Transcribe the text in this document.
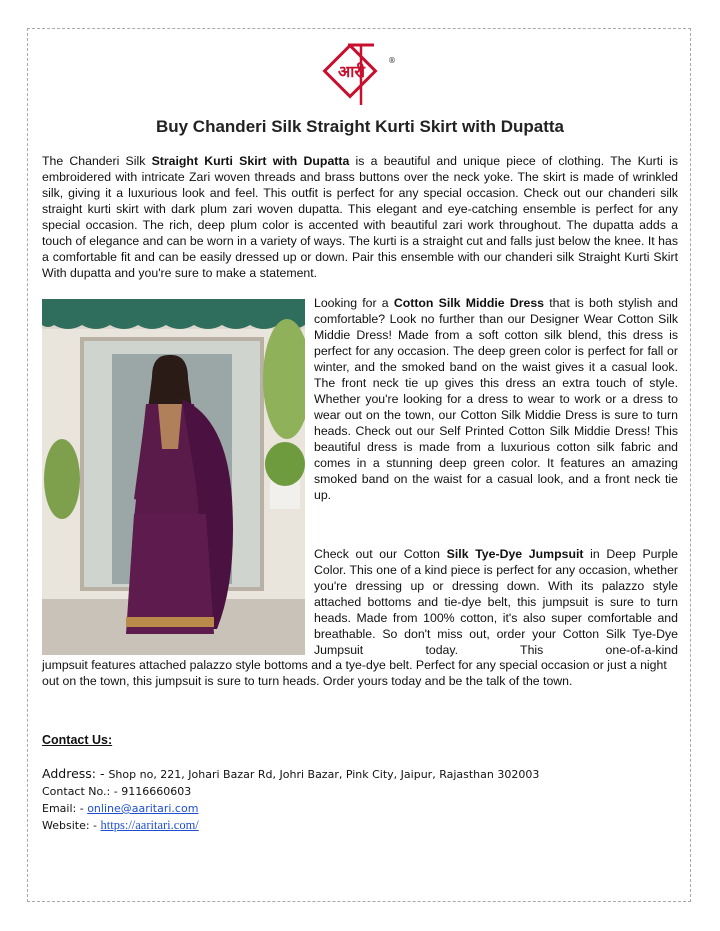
आरी
®
Buy Chanderi Silk Straight Kurti Skirt with Dupatta

The Chanderi Silk Straight Kurti Skirt with Dupatta is a beautiful and unique piece of clothing. The Kurti is embroidered with intricate Zari woven threads and brass buttons over the neck yoke. The skirt is made of wrinkled silk, giving it a luxurious look and feel. This outfit is perfect for any special occasion. Check out our chanderi silk straight kurti skirt with dark plum zari woven dupatta. This elegant and eye-catching ensemble is perfect for any special occasion. The rich, deep plum color is accented with beautiful zari work throughout. The dupatta adds a touch of elegance and can be worn in a variety of ways. The kurti is a straight cut and falls just below the knee. It has a comfortable fit and can be easily dressed up or down. Pair this ensemble with our chanderi silk Straight Kurti Skirt With dupatta and you're sure to make a statement.

Looking for a Cotton Silk Middie Dress that is both stylish and comfortable? Look no further than our Designer Wear Cotton Silk Middie Dress! Made from a soft cotton silk blend, this dress is perfect for any occasion. The deep green color is perfect for fall or winter, and the smoked band on the waist gives it a casual look. The front neck tie up gives this dress an extra touch of style. Whether you're looking for a dress to wear to work or a dress to wear out on the town, our Cotton Silk Middie Dress is sure to turn heads. Check out our Self Printed Cotton Silk Middie Dress! This beautiful dress is made from a luxurious cotton silk fabric and comes in a stunning deep green color. It features an amazing smoked band on the waist for a casual look, and a front neck tie up.

Check out our Cotton Silk Tye-Dye Jumpsuit in Deep Purple Color. This one of a kind piece is perfect for any occasion, whether you're dressing up or dressing down. With its palazzo style attached bottoms and tie-dye belt, this jumpsuit is sure to turn heads. Made from 100% cotton, it's also super comfortable and breathable. So don't miss out, order your Cotton Silk Tye-Dye Jumpsuit today. This one-of-a-kind

jumpsuit features attached palazzo style bottoms and a tye-dye belt. Perfect for any special occasion or just a night out on the town, this jumpsuit is sure to turn heads. Order yours today and be the talk of the town.

Contact Us:

Address: - Shop no, 221, Johari Bazar Rd, Johri Bazar, Pink City, Jaipur, Rajasthan 302003
Contact No.: - 9116660603
Email: - online@aaritari.com
Website: - https://aaritari.com/
